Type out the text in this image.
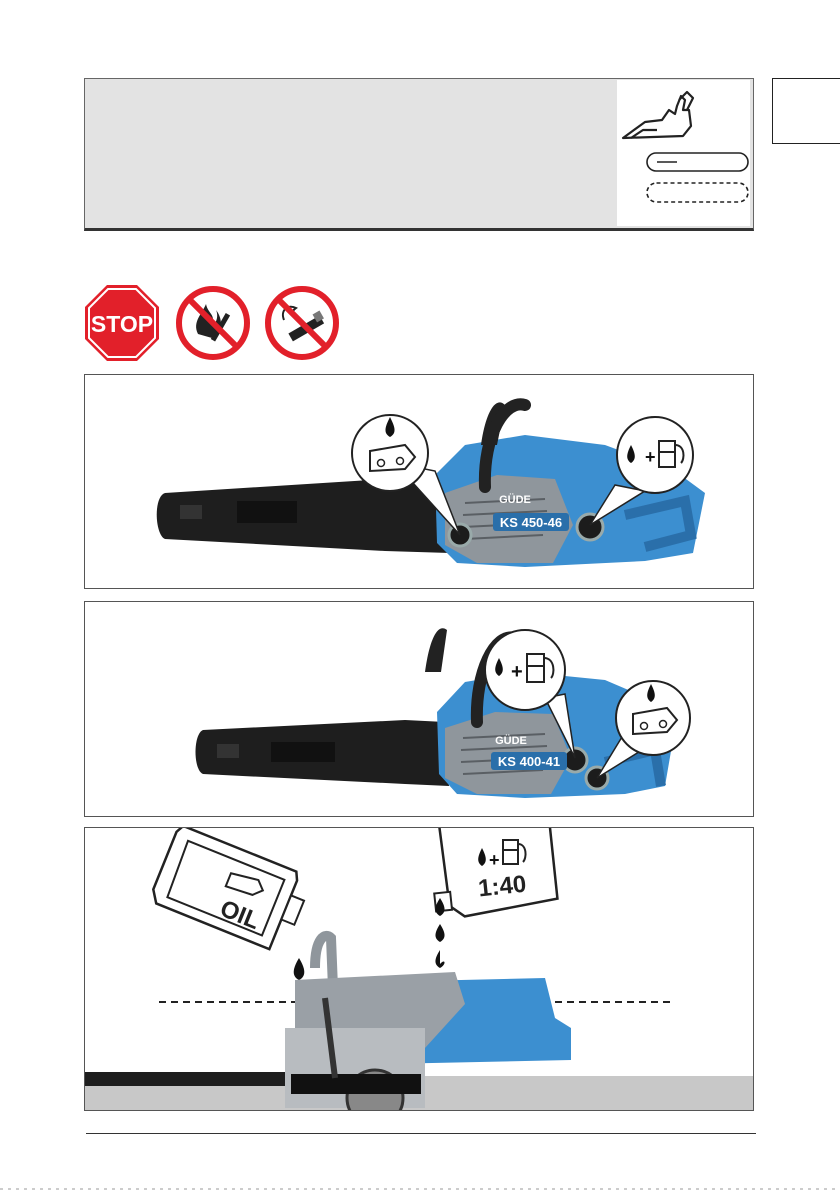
STOP
KS 450-46
GÜDE
+
KS 400-41
GÜDE
+
OIL
+
1:40
